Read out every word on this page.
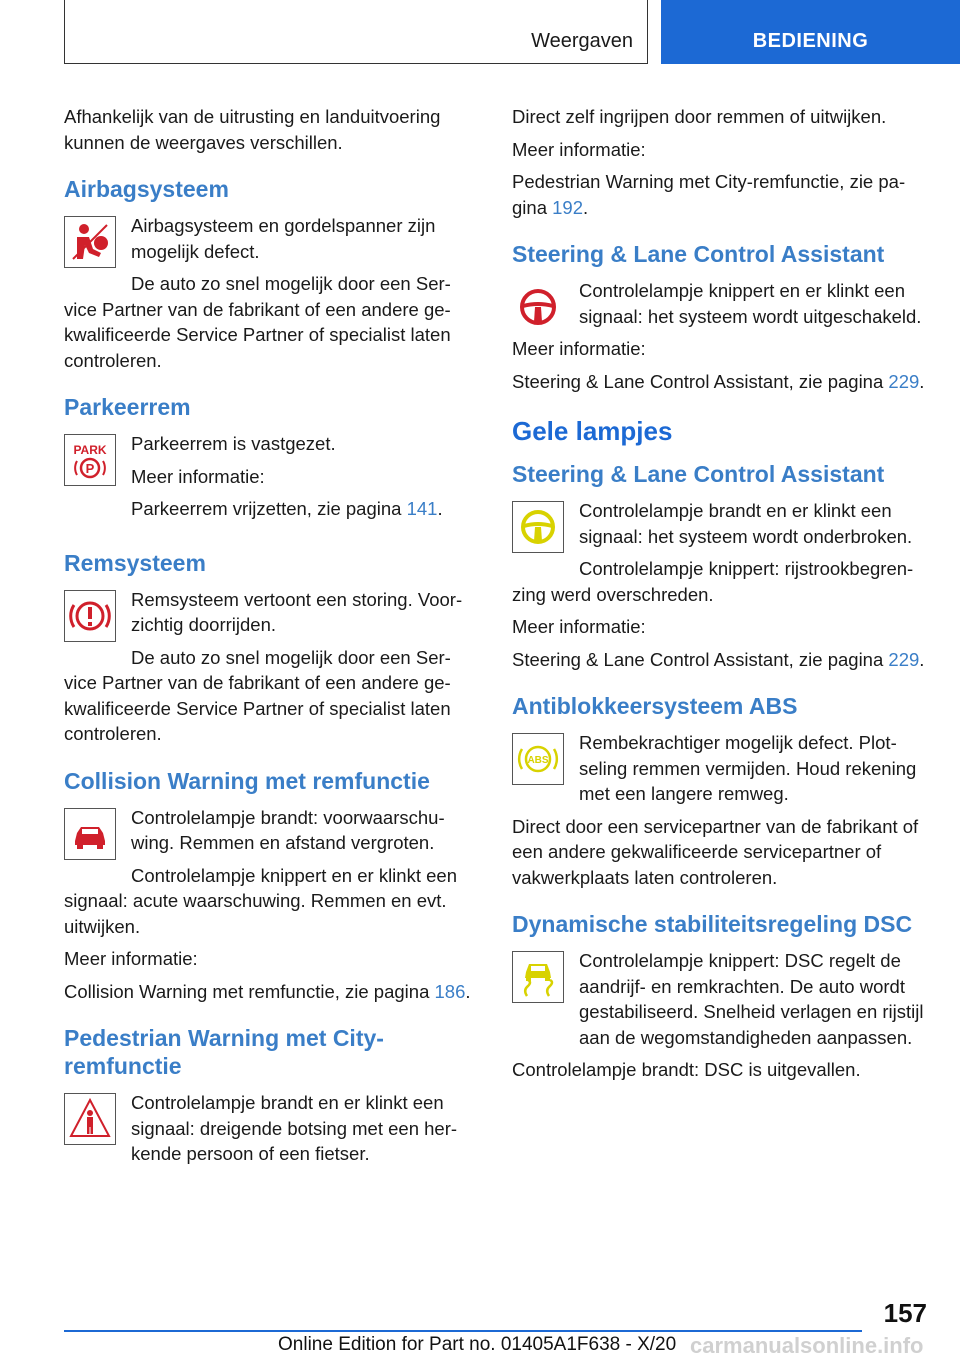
Weergaven	BEDIENING

Afhankelijk van de uitrusting en landuitvoering kunnen de weergaves verschillen.

Airbagsysteem

Airbagsysteem en gordelspanner zijn mogelijk defect.

De auto zo snel mogelijk door een Service Partner van de fabrikant of een andere gekwalificeerde Service Partner of specialist laten controleren.

Parkeerrem
PARK
P

Parkeerrem is vastgezet.

Meer informatie:

Parkeerrem vrijzetten, zie pagina 141.

Remsysteem

Remsysteem vertoont een storing. Voorzichtig doorrijden.

De auto zo snel mogelijk door een Service Partner van de fabrikant of een andere gekwalificeerde Service Partner of specialist laten controleren.

Collision Warning met remfunctie

Controlelampje brandt: voorwaarschuwing. Remmen en afstand vergroten.

Controlelampje knippert en er klinkt een signaal: acute waarschuwing. Remmen en evt. uitwijken.

Meer informatie:

Collision Warning met remfunctie, zie pagina 186.

Pedestrian Warning met City-remfunctie

Controlelampje brandt en er klinkt een signaal: dreigende botsing met een herkende persoon of een fietser.

Direct zelf ingrijpen door remmen of uitwijken.

Meer informatie:

Pedestrian Warning met City-remfunctie, zie pagina 192.

Steering & Lane Control Assistant

Controlelampje knippert en er klinkt een signaal: het systeem wordt uitgeschakeld.

Meer informatie:

Steering & Lane Control Assistant, zie pagina 229.

Gele lampjes
Steering & Lane Control Assistant

Controlelampje brandt en er klinkt een signaal: het systeem wordt onderbroken.

Controlelampje knippert: rijstrookbegrenzing werd overschreden.

Meer informatie:

Steering & Lane Control Assistant, zie pagina 229.

Antiblokkeersysteem ABS
ABS

Rembekrachtiger mogelijk defect. Plotseling remmen vermijden. Houd rekening met een langere remweg.

Direct door een servicepartner van de fabrikant of een andere gekwalificeerde servicepartner of vakwerkplaats laten controleren.

Dynamische stabiliteitsregeling DSC

Controlelampje knippert: DSC regelt de aandrijf- en remkrachten. De auto wordt gestabiliseerd. Snelheid verlagen en rijstijl aan de wegomstandigheden aanpassen.

Controlelampje brandt: DSC is uitgevallen.

157
Online Edition for Part no. 01405A1F638 - X/20 carmanualsonline.info
